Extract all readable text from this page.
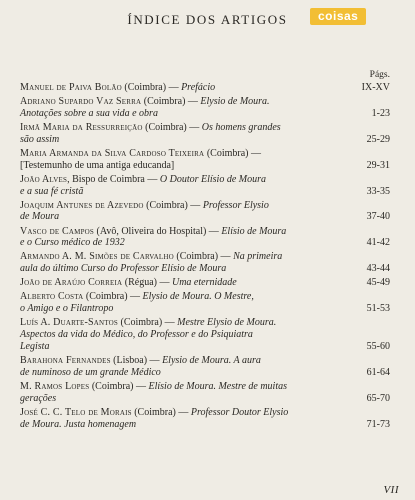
ÍNDICE DOS ARTIGOS	coisas
Págs.
Manuel de Paiva Bolão (Coimbra) — Prefácio	IX-XV
Adriano Supardo Vaz Serra (Coimbra) — Elysio de Moura.
Anotações sobre a sua vida e obra	1-23
Irmã Maria da Ressurreição (Coimbra) — Os homens grandes
são assim	25-29
Maria Armanda da Silva Cardoso Teixeira (Coimbra) —
[Testemunho de uma antiga educanda]	29-31
João Alves, Bispo de Coimbra — O Doutor Elísio de Moura
e a sua fé cristã	33-35
Joaquim Antunes de Azevedo (Coimbra) — Professor Elysio
de Moura	37-40
Vasco de Campos (Avô, Oliveira do Hospital) — Elísio de Moura
e o Curso médico de 1932	41-42
Armando A. M. Simões de Carvalho (Coimbra) — Na primeira
aula do último Curso do Professor Elísio de Moura	43-44
João de Araújo Correia (Régua) — Uma eternidade	45-49
Alberto Costa (Coimbra) — Elysio de Moura. O Mestre,
o Amigo e o Filantropo	51-53
Luís A. Duarte-Santos (Coimbra) — Mestre Elysio de Moura.
Aspectos da vida do Médico, do Professor e do Psiquiatra
Legista	55-60
Barahona Fernandes (Lisboa) — Elysio de Moura. A aura
de numinoso de um grande Médico	61-64
M. Ramos Lopes (Coimbra) — Elísio de Moura. Mestre de muitas
gerações	65-70
José C. C. Telo de Morais (Coimbra) — Professor Doutor Elysio
de Moura. Justa homenagem	71-73
VII
